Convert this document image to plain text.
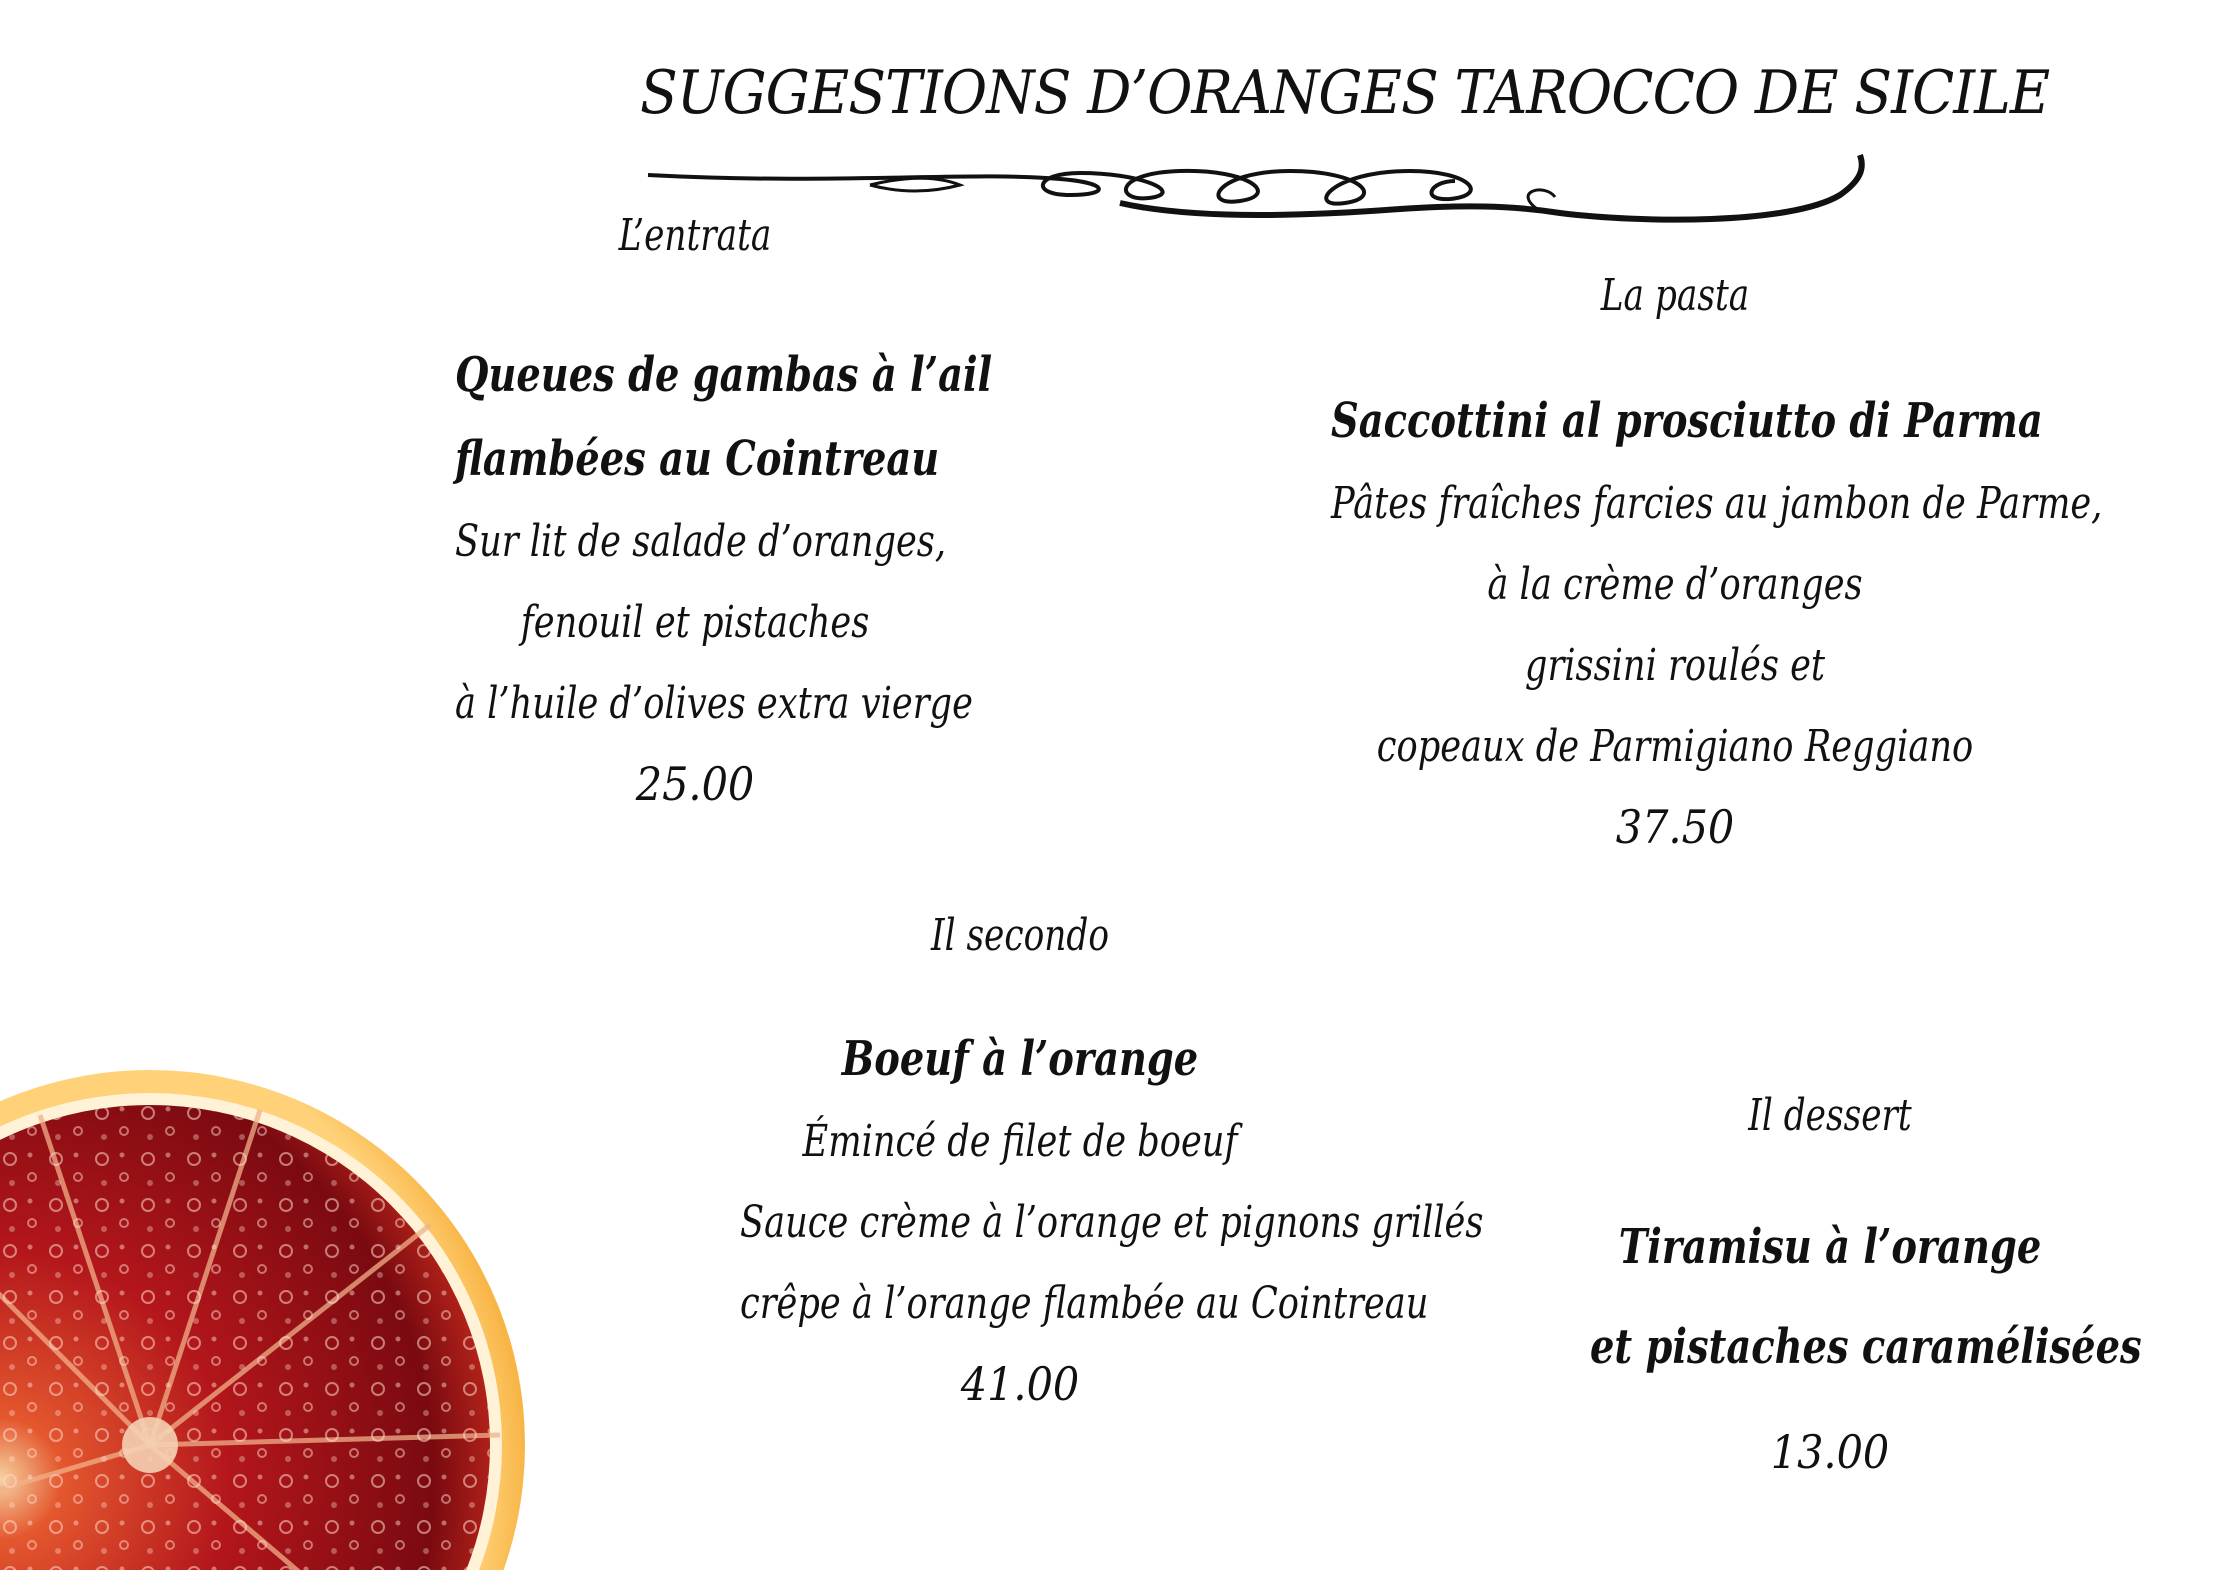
SUGGESTIONS D’ORANGES TAROCCO DE SICILE
L’entrata
Queues de gambas à l’ail
flambées au Cointreau
Sur lit de salade d’oranges,
fenouil et pistaches
à l’huile d’olives extra vierge
25.00
La pasta
Saccottini al prosciutto di Parma
Pâtes fraîches farcies au jambon de Parme,
à la crème d’oranges
grissini roulés et
copeaux de Parmigiano Reggiano
37.50
Il secondo
Boeuf à l’orange
Émincé de filet de boeuf
Sauce crème à l’orange et pignons grillés
crêpe à l’orange flambée au Cointreau
41.00
Il dessert
Tiramisu à l’orange
et pistaches caramélisées
13.00
